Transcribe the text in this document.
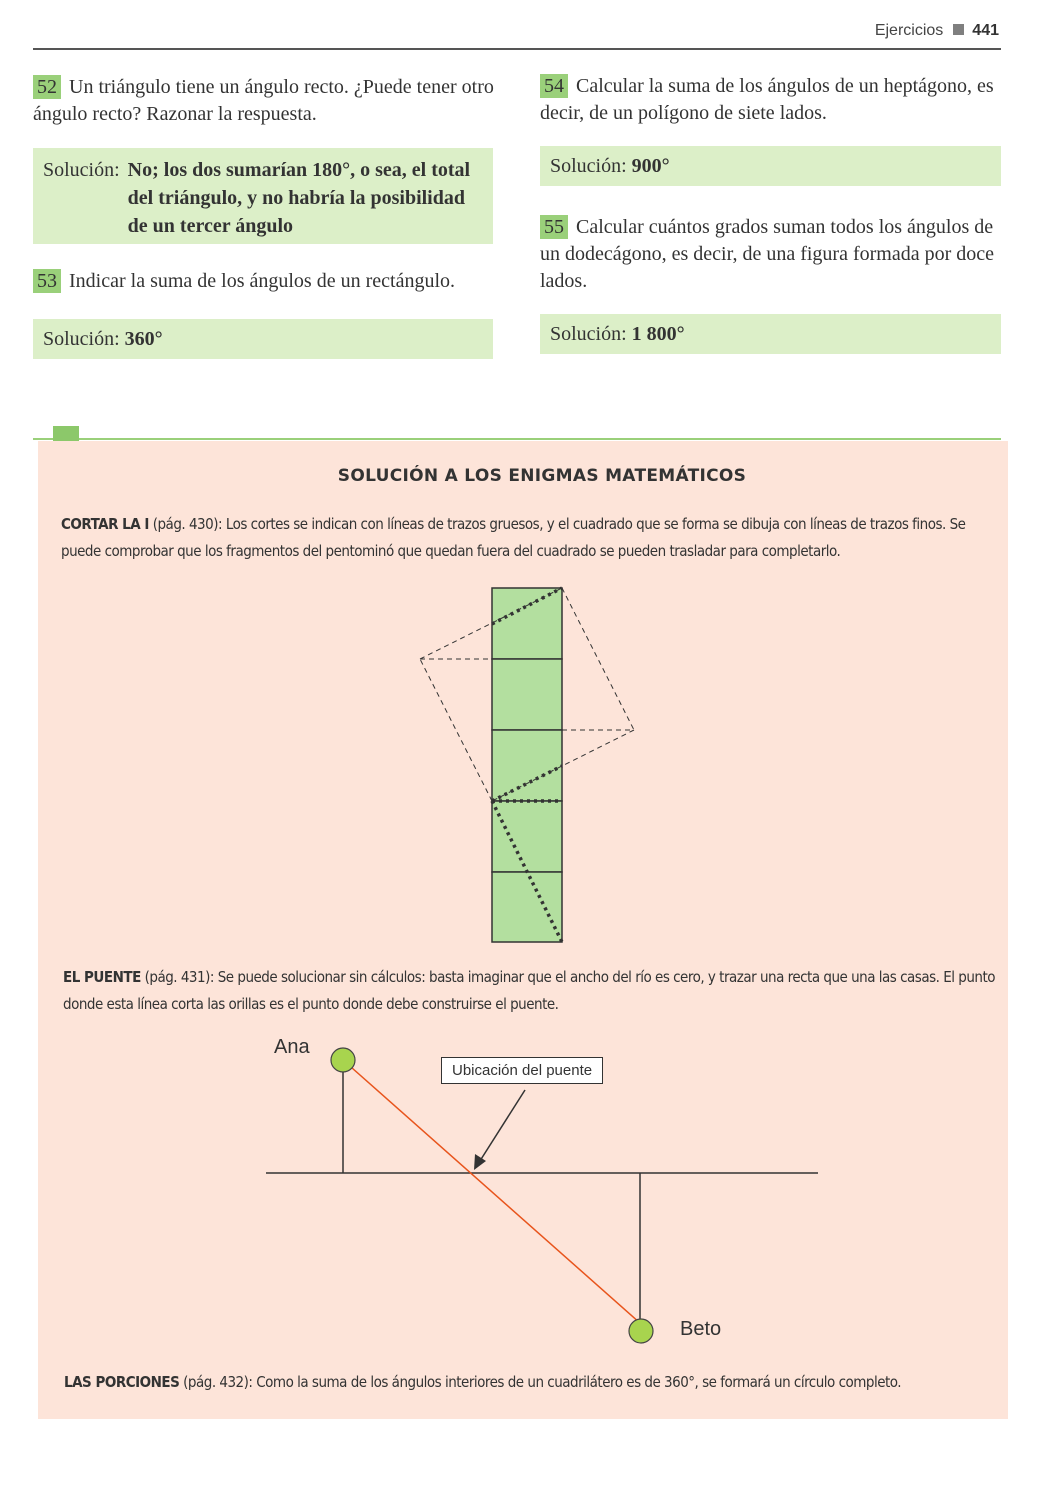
Ejercicios 441

52 Un triángulo tiene un ángulo recto. ¿Puede tener otro ángulo recto? Razonar la respuesta.

Solución: No; los dos sumarían 180°, o sea, el total del triángulo, y no habría la posibilidad de un tercer ángulo

53 Indicar la suma de los ángulos de un rectángulo.

Solución: 360°

54 Calcular la suma de los ángulos de un heptágono, es decir, de un polígono de siete lados.

Solución: 900°

55 Calcular cuántos grados suman todos los ángulos de un dodecágono, es decir, de una figura formada por doce lados.

Solución: 1 800°
SOLUCIÓN A LOS ENIGMAS MATEMÁTICOS
CORTAR LA I (pág. 430): Los cortes se indican con líneas de trazos gruesos, y el cuadrado que se forma se dibuja con líneas de trazos finos. Se puede comprobar que los fragmentos del pentominó que quedan fuera del cuadrado se pueden trasladar para completarlo.
EL PUENTE (pág. 431): Se puede solucionar sin cálculos: basta imaginar que el ancho del río es cero, y trazar una recta que una las casas. El punto donde esta línea corta las orillas es el punto donde debe construirse el puente.
Ana
Beto
Ubicación del puente
LAS PORCIONES (pág. 432): Como la suma de los ángulos interiores de un cuadrilátero es de 360°, se formará un círculo completo.
